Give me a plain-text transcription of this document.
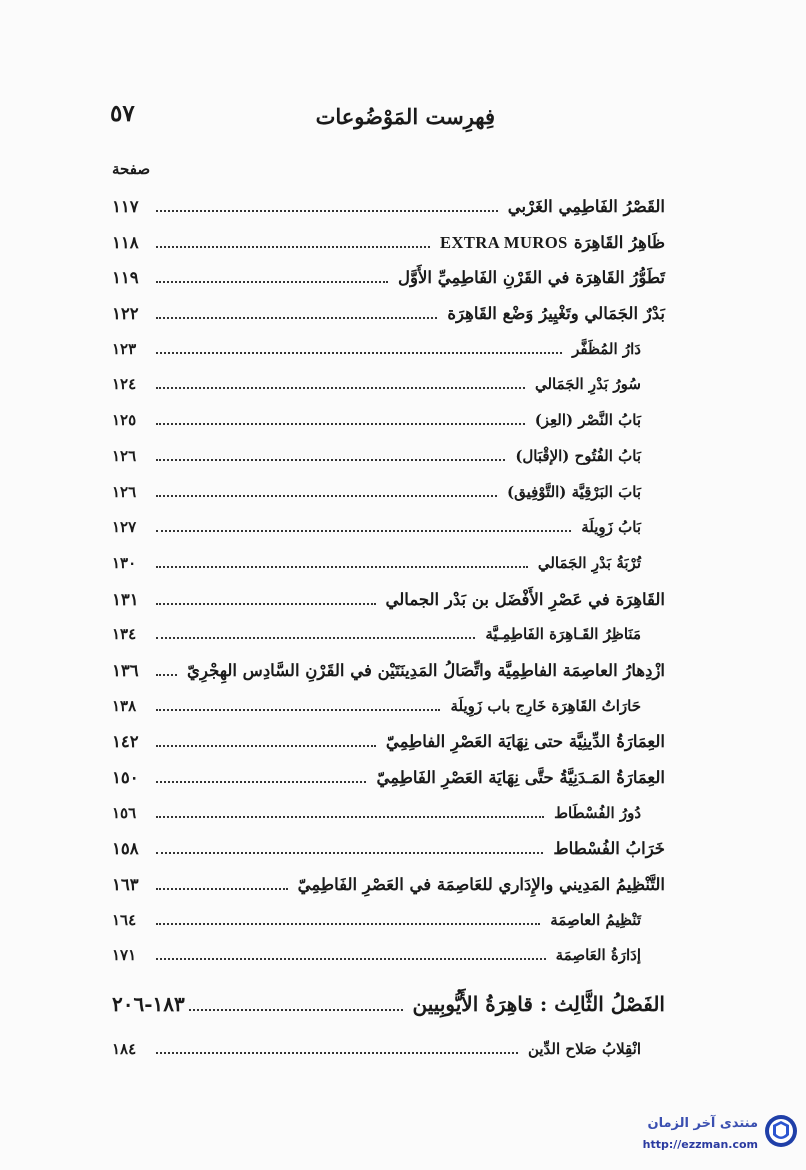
فِهرِست المَوْضُوعات
٥٧
صفحة
القَصْرُ الفَاطِمِي الغَرْبي
١١٧
ظَاهِرُ القَاهِرَة
EXTRA MUROS
١١٨
تَطَوُّرُ القَاهِرَة في القَرْنِ الفَاطِمِيِّ الأَوَّل
١١٩
بَدْرٌ الجَمَالي وتَغْيِيرُ وَضْع القَاهِرَة
١٢٢
دَارُ المُظَفَّر
١٢٣
سُورُ بَدْرِ الجَمَالي
١٢٤
بَابُ النَّصْر (العِز)
١٢٥
بَابُ الفُتُوح (الإقْبَال)
١٢٦
بَابَ البَرْقِيَّة (التَّوْفِيق)
١٢٦
بَابُ زَوِيلَة
١٢٧
تُرْبَةُ بَدْرِ الجَمَالي
١٣٠
القَاهِرَة في عَصْرِ الأَفْضَل بن بَدْر الجمالي
١٣١
مَنَاظِرُ القَـاهِرَة الفَاطِمِـيَّة
١٣٤
ازْدِهارُ العاصِمَة الفاطِمِيَّة واتِّصَالُ المَدِينَتَيْن في القَرْنِ السَّادِس الهِجْرِيّ
١٣٦
حَارَاتُ القَاهِرَة خَارِج باب زَوِيلَة
١٣٨
العِمَارَةُ الدِّينِيَّة حتى نِهَايَة العَصْرِ الفاطِمِيّ
١٤٢
العِمَارَةُ المَـدَنِيَّةُ حتَّى نِهَايَة العَصْرِ الفَاطِمِيّ
١٥٠
دُورُ الفُسْطَاط
١٥٦
خَرَابُ الفُسْطاط
١٥٨
التَّنْظِيمُ المَدِيني والإِدَاري للعَاصِمَة في العَصْرِ الفَاطِمِيّ
١٦٣
تَنْظِيمُ العاصِمَة
١٦٤
إدَارَةُ العَاصِمَة
١٧١
الفَصْلُ الثَّالِث : قاهِرَةُ الأَيُّوبِيين
١٨٣-٢٠٦
انْقِلابُ صَلاح الدِّين
١٨٤
منتدى آخر الزمان
http://ezzman.com
